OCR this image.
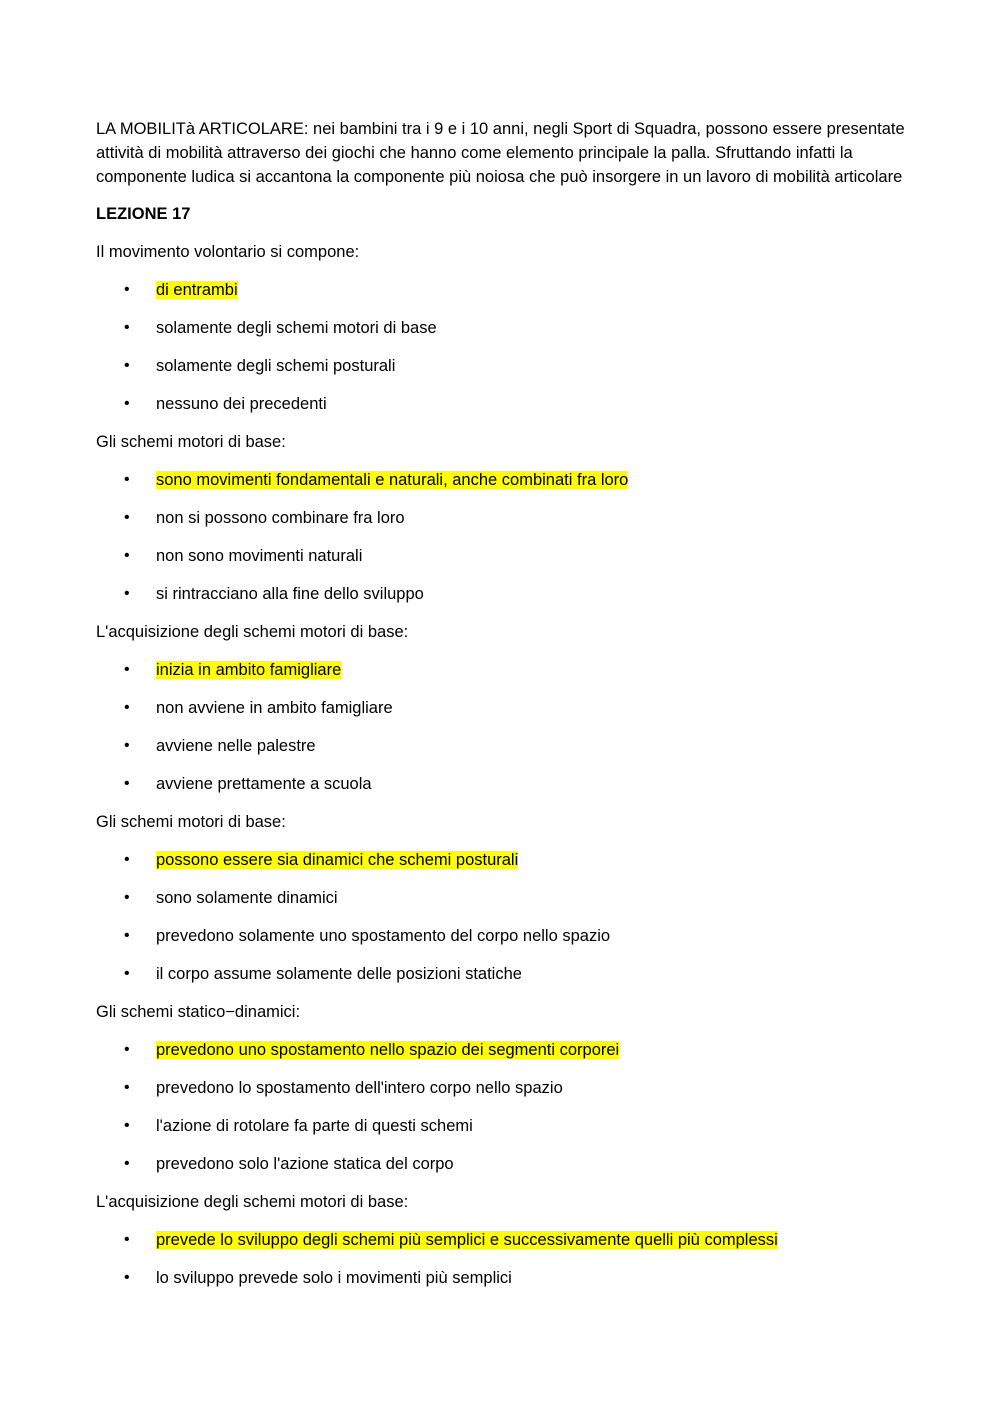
LA MOBILITà ARTICOLARE: nei bambini tra i 9 e i 10 anni, negli Sport di Squadra, possono essere presentate attività di mobilità attraverso dei giochi che hanno come elemento principale la palla. Sfruttando infatti la componente ludica si accantona la componente più noiosa che può insorgere in un lavoro di mobilità articolare

LEZIONE 17

Il movimento volontario si compone:

• di entrambi
• solamente degli schemi motori di base
• solamente degli schemi posturali
• nessuno dei precedenti

Gli schemi motori di base:

• sono movimenti fondamentali e naturali, anche combinati fra loro
• non si possono combinare fra loro
• non sono movimenti naturali
• si rintracciano alla fine dello sviluppo

L'acquisizione degli schemi motori di base:

• inizia in ambito famigliare
• non avviene in ambito famigliare
• avviene nelle palestre
• avviene prettamente a scuola

Gli schemi motori di base:

• possono essere sia dinamici che schemi posturali
• sono solamente dinamici
• prevedono solamente uno spostamento del corpo nello spazio
• il corpo assume solamente delle posizioni statiche

Gli schemi statico−dinamici:

• prevedono uno spostamento nello spazio dei segmenti corporei
• prevedono lo spostamento dell'intero corpo nello spazio
• l'azione di rotolare fa parte di questi schemi
• prevedono solo l'azione statica del corpo

L'acquisizione degli schemi motori di base:

• prevede lo sviluppo degli schemi più semplici e successivamente quelli più complessi
• lo sviluppo prevede solo i movimenti più semplici
